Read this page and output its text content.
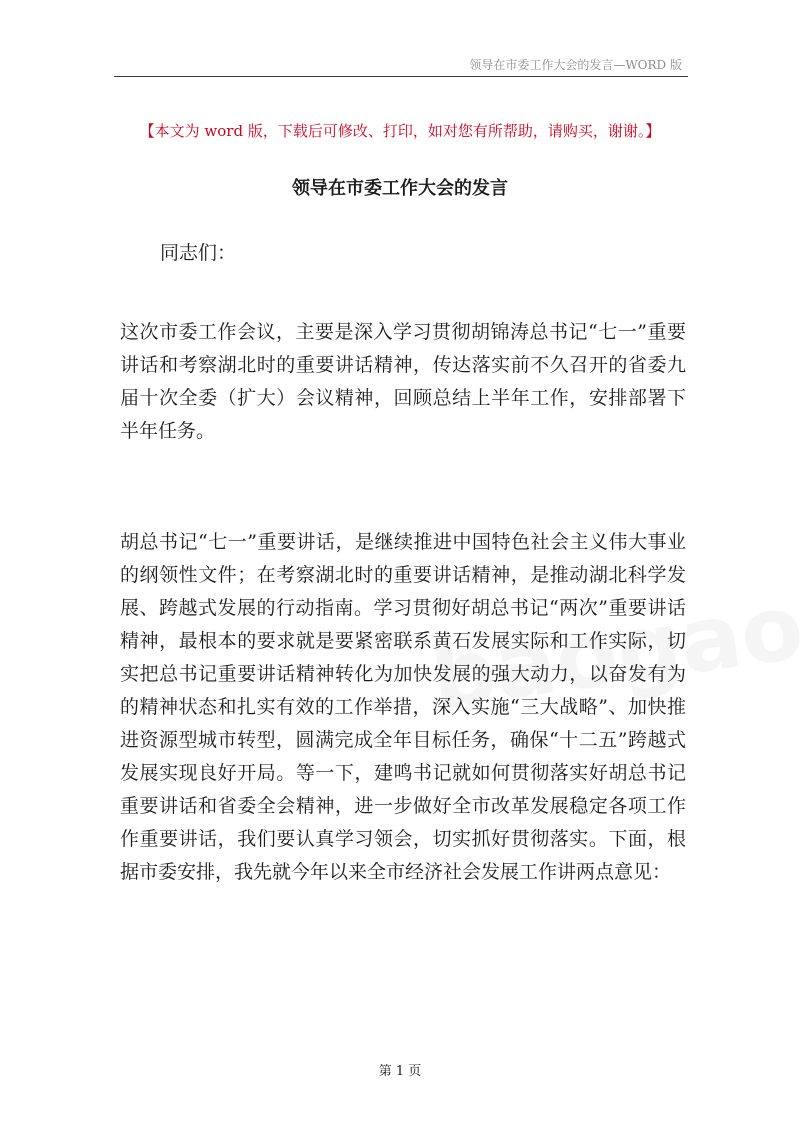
领导在市委工作大会的发言—WORD 版
【本文为 word 版，下载后可修改、打印，如对您有所帮助，请购买，谢谢。】
领导在市委工作大会的发言
同志们：

这次市委工作会议，主要是深入学习贯彻胡锦涛总书记“七一”重要讲话和考察湖北时的重要讲话精神，传达落实前不久召开的省委九届十次全委（扩大）会议精神，回顾总结上半年工作，安排部署下半年任务。

胡总书记“七一”重要讲话，是继续推进中国特色社会主义伟大事业的纲领性文件；在考察湖北时的重要讲话精神，是推动湖北科学发展、跨越式发展的行动指南。学习贯彻好胡总书记“两次”重要讲话精神，最根本的要求就是要紧密联系黄石发展实际和工作实际，切实把总书记重要讲话精神转化为加快发展的强大动力，以奋发有为的精神状态和扎实有效的工作举措，深入实施“三大战略”、加快推进资源型城市转型，圆满完成全年目标任务，确保“十二五”跨越式发展实现良好开局。等一下，建鸣书记就如何贯彻落实好胡总书记重要讲话和省委全会精神，进一步做好全市改革发展稳定各项工作作重要讲话，我们要认真学习领会，切实抓好贯彻落实。下面，根据市委安排，我先就今年以来全市经济社会发展工作讲两点意见：

第 1 页
